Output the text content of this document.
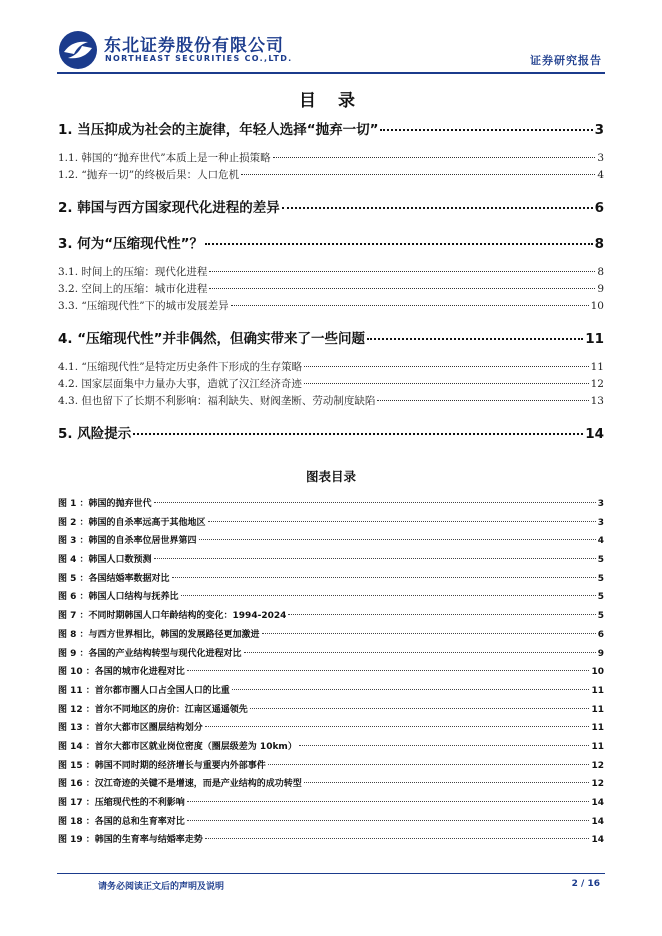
东北证券股份有限公司
NORTHEAST SECURITIES CO.,LTD.	证券研究报告
目 录
1. 当压抑成为社会的主旋律，年轻人选择“抛弃一切”	3
1.1. 韩国的“抛弃世代”本质上是一种止损策略	3
1.2. “抛弃一切”的终极后果：人口危机	4
2. 韩国与西方国家现代化进程的差异	6
3. 何为“压缩现代性”？	8
3.1. 时间上的压缩：现代化进程	8
3.2. 空间上的压缩：城市化进程	9
3.3. “压缩现代性”下的城市发展差异	10
4. “压缩现代性”并非偶然，但确实带来了一些问题	11
4.1. “压缩现代性”是特定历史条件下形成的生存策略	11
4.2. 国家层面集中力量办大事，造就了汉江经济奇迹	12
4.3. 但也留下了长期不利影响：福利缺失、财阀垄断、劳动制度缺陷	13
5. 风险提示	14
图表目录
图 1 ：韩国的抛弃世代	3
图 2 ：韩国的自杀率远高于其他地区	3
图 3 ：韩国的自杀率位居世界第四	4
图 4 ：韩国人口数预测	5
图 5 ：各国结婚率数据对比	5
图 6 ：韩国人口结构与抚养比	5
图 7 ：不同时期韩国人口年龄结构的变化：1994-2024	5
图 8 ：与西方世界相比，韩国的发展路径更加激进	6
图 9 ：各国的产业结构转型与现代化进程对比	9
图 10 ：各国的城市化进程对比	10
图 11 ：首尔都市圈人口占全国人口的比重	11
图 12 ：首尔不同地区的房价：江南区遥遥领先	11
图 13 ：首尔大都市区圈层结构划分	11
图 14 ：首尔大都市区就业岗位密度（圈层级差为 10km）	11
图 15 ：韩国不同时期的经济增长与重要内外部事件	12
图 16 ：汉江奇迹的关键不是增速，而是产业结构的成功转型	12
图 17 ：压缩现代性的不利影响	14
图 18 ：各国的总和生育率对比	14
图 19 ：韩国的生育率与结婚率走势	14
请务必阅读正文后的声明及说明	2 / 16
